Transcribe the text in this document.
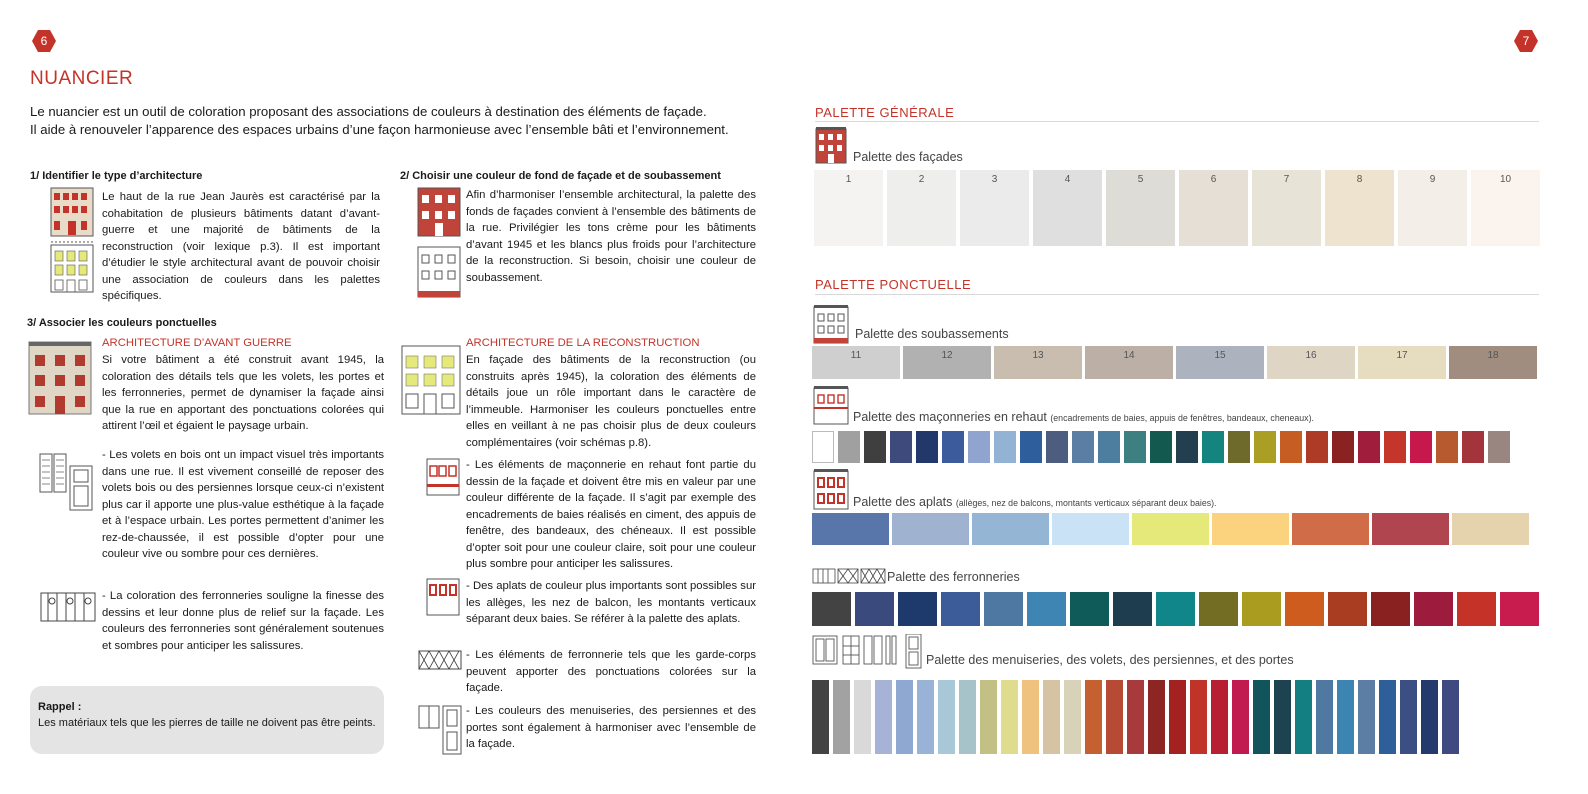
6	7
NUANCIER
Le nuancier est un outil de coloration proposant des associations de couleurs à destination des éléments de façade.
Il aide à renouveler l’apparence des espaces urbains d’une façon harmonieuse avec l’ensemble bâti et l’environnement.
1/ Identifier le type d’architecture
Le haut de la rue Jean Jaurès est caractérisé par la cohabitation de plusieurs bâtiments datant d’avant-guerre et une majorité de bâtiments de la reconstruction (voir lexique p.3). Il est important d’étudier le style architectural avant de pouvoir choisir une association de couleurs dans les palettes spécifiques.
2/ Choisir une couleur de fond de façade et de soubassement
Afin d’harmoniser l’ensemble architectural, la palette des fonds de façades convient à l’ensemble des bâtiments de la rue. Privilégier les tons crème pour les bâtiments d’avant 1945 et les blancs plus froids pour l’architecture de la reconstruction. Si besoin, choisir une couleur de soubassement.
3/ Associer les couleurs ponctuelles
ARCHITECTURE D’AVANT GUERRE
Si votre bâtiment a été construit avant 1945, la coloration des détails tels que les volets, les portes et les ferronneries, permet de dynamiser la façade ainsi que la rue en apportant des ponctuations colorées qui attirent l’œil et égaient le paysage urbain.
- Les volets en bois ont un impact visuel très importants dans une rue. Il est vivement conseillé de reposer des volets bois ou des persiennes lorsque ceux-ci n’existent plus car il apporte une plus-value esthétique à la façade et à l’espace urbain. Les portes permettent d’animer les rez-de-chaussée, il est possible d’opter pour une couleur vive ou sombre pour ces dernières.
- La coloration des ferronneries souligne la finesse des dessins et leur donne plus de relief sur la façade. Les couleurs des ferronneries sont généralement soutenues et sombres pour anticiper les salissures.
ARCHITECTURE DE LA RECONSTRUCTION
En façade des bâtiments de la reconstruction (ou construits après 1945), la coloration des éléments de détails joue un rôle important dans le caractère de l’immeuble. Harmoniser les couleurs ponctuelles entre elles en veillant à ne pas choisir plus de deux couleurs complémentaires (voir schémas p.8).
- Les éléments de maçonnerie en rehaut font partie du dessin de la façade et doivent être mis en valeur par une couleur différente de la façade. Il s’agit par exemple des encadrements de baies réalisés en ciment, des appuis de fenêtre, des bandeaux, des chéneaux. Il est possible d’opter soit pour une couleur claire, soit pour une couleur plus sombre pour anticiper les salissures.
- Des aplats de couleur plus importants sont possibles sur les allèges, les nez de balcon, les montants verticaux séparant deux baies. Se référer à la palette des aplats.
- Les éléments de ferronnerie tels que les garde-corps peuvent apporter des ponctuations colorées sur la façade.
- Les couleurs des menuiseries, des persiennes et des portes sont également à harmoniser avec l’ensemble de la façade.
Rappel :
Les matériaux tels que les pierres de taille ne doivent pas être peints.
PALETTE GÉNÉRALE
Palette des façades
1	2	3	4	5	6	7	8	9	10
PALETTE PONCTUELLE
Palette des soubassements
11	12	13	14	15	16	17	18
Palette des maçonneries en rehaut (encadrements de baies, appuis de fenêtres, bandeaux, cheneaux).
Palette des aplats (allèges, nez de balcons, montants verticaux séparant deux baies).
Palette des ferronneries
Palette des menuiseries, des volets, des persiennes, et des portes
